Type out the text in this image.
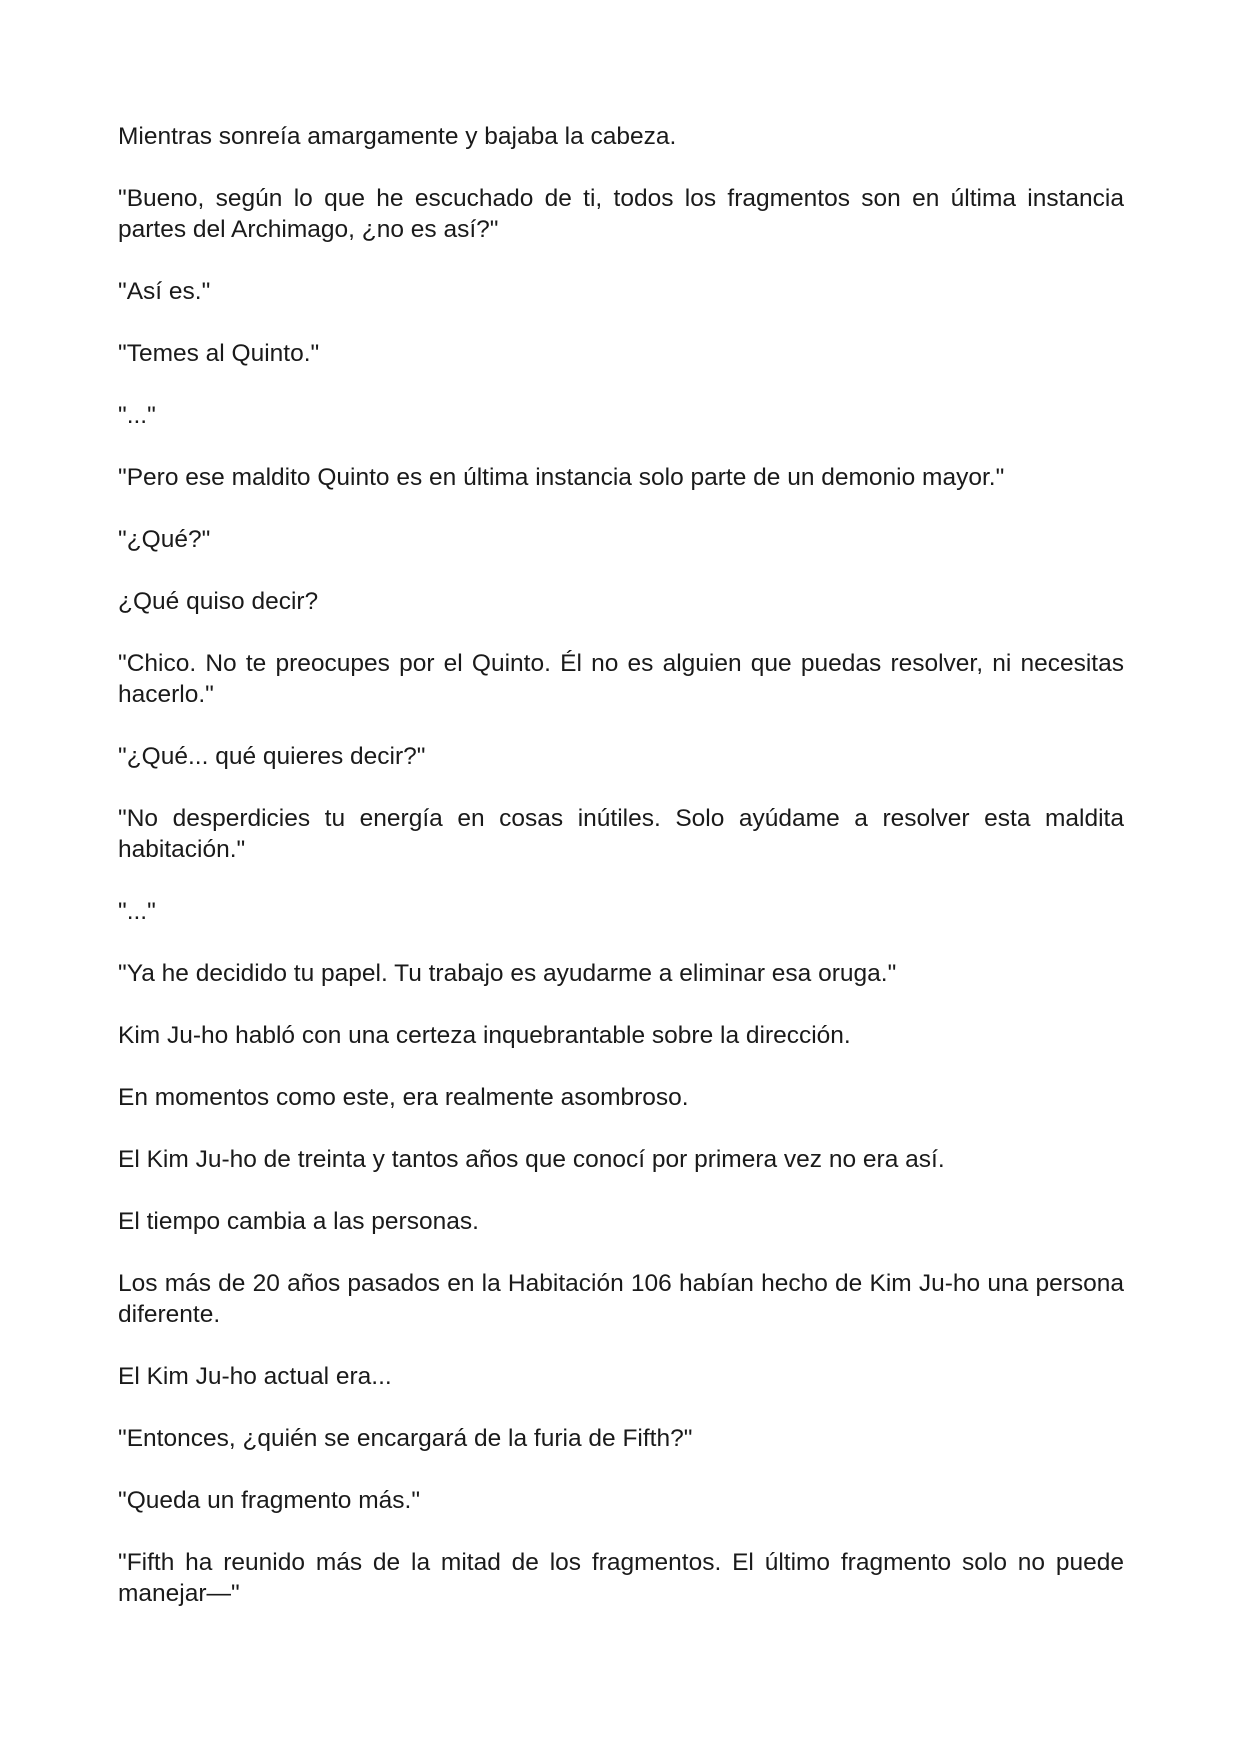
Mientras sonreía amargamente y bajaba la cabeza.

"Bueno, según lo que he escuchado de ti, todos los fragmentos son en última instancia partes del Archimago, ¿no es así?"

"Así es."

"Temes al Quinto."

"..."

"Pero ese maldito Quinto es en última instancia solo parte de un demonio mayor."

"¿Qué?"

¿Qué quiso decir?

"Chico. No te preocupes por el Quinto. Él no es alguien que puedas resolver, ni necesitas hacerlo."

"¿Qué... qué quieres decir?"

"No desperdicies tu energía en cosas inútiles. Solo ayúdame a resolver esta maldita habitación."

"..."

"Ya he decidido tu papel. Tu trabajo es ayudarme a eliminar esa oruga."

Kim Ju-ho habló con una certeza inquebrantable sobre la dirección.

En momentos como este, era realmente asombroso.

El Kim Ju-ho de treinta y tantos años que conocí por primera vez no era así.

El tiempo cambia a las personas.

Los más de 20 años pasados en la Habitación 106 habían hecho de Kim Ju-ho una persona diferente.

El Kim Ju-ho actual era...

"Entonces, ¿quién se encargará de la furia de Fifth?"

"Queda un fragmento más."

"Fifth ha reunido más de la mitad de los fragmentos. El último fragmento solo no puede manejar—"
